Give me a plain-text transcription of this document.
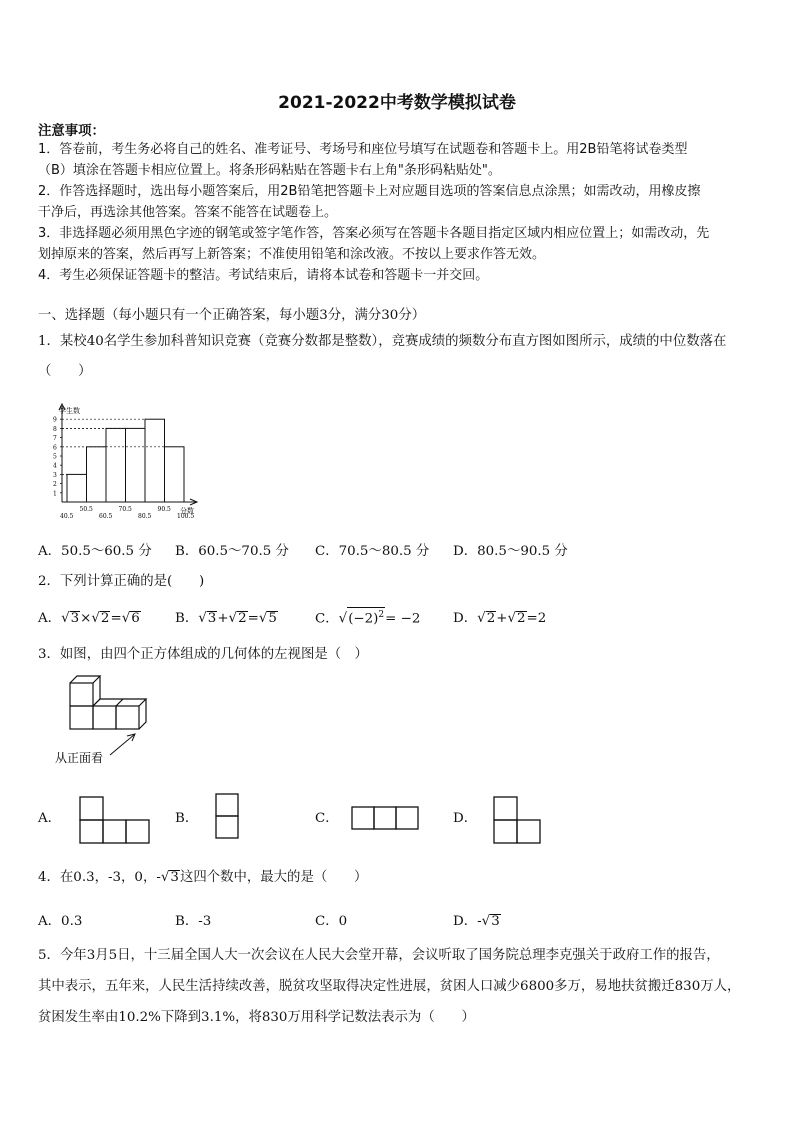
2021-2022中考数学模拟试卷
注意事项：
1．答卷前，考生务必将自己的姓名、准考证号、考场号和座位号填写在试题卷和答题卡上。用2B铅笔将试卷类型
（B）填涂在答题卡相应位置上。将条形码粘贴在答题卡右上角"条形码粘贴处"。
2．作答选择题时，选出每小题答案后，用2B铅笔把答题卡上对应题目选项的答案信息点涂黑；如需改动，用橡皮擦
干净后，再选涂其他答案。答案不能答在试题卷上。
3．非选择题必须用黑色字迹的钢笔或签字笔作答，答案必须写在答题卡各题目指定区域内相应位置上；如需改动，先
划掉原来的答案，然后再写上新答案；不准使用铅笔和涂改液。不按以上要求作答无效。
4．考生必须保证答题卡的整洁。考试结束后，请将本试卷和答题卡一并交回。
一、选择题（每小题只有一个正确答案，每小题3分，满分30分）
1．某校40名学生参加科普知识竞赛（竞赛分数都是整数），竞赛成绩的频数分布直方图如图所示，成绩的中位数落在
（　　）
学生数
分数
1
2
3
4
5
6
7
8
9
40.5
50.5
60.5
70.5
80.5
90.5
100.5
A．50.5～60.5 分 B．60.5～70.5 分 C．70.5～80.5 分 D．80.5～90.5 分
2．下列计算正确的是(　　)
A．√3×√2=√6	B．√3+√2=√5	C．$√(-2)^2= -2$ D．√2+√2=2
3．如图，由四个正方体组成的几何体的左视图是（　）
从正面看
A．	B．	C．	D．
4．在0.3，-3，0，-√3这四个数中，最大的是（　　）
A．0.3	B．-3	C．0	D．-√3
5．今年3月5日，十三届全国人大一次会议在人民大会堂开幕，会议听取了国务院总理李克强关于政府工作的报告，
其中表示，五年来，人民生活持续改善，脱贫攻坚取得决定性进展，贫困人口减少6800多万，易地扶贫搬迁830万人，
贫困发生率由10.2%下降到3.1%，将830万用科学记数法表示为（　　）
